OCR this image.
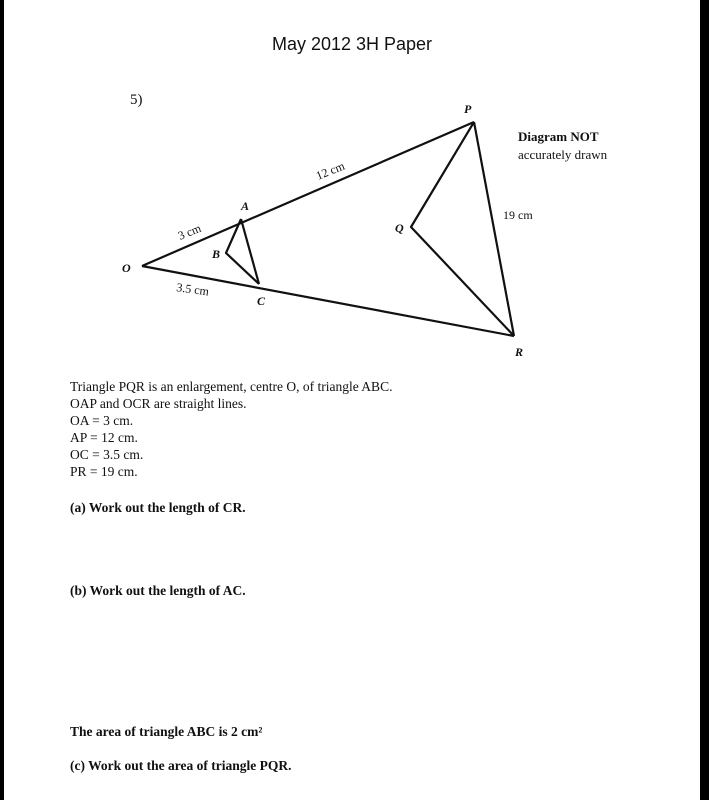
May 2012 3H Paper
5)
O
A
B
C
P
Q
R
3 cm
12 cm
3.5 cm
19 cm
Diagram NOT
accurately drawn
Triangle PQR is an enlargement, centre O, of triangle ABC.
OAP and OCR are straight lines.
OA = 3 cm.
AP = 12 cm.
OC = 3.5 cm.
PR = 19 cm.
(a) Work out the length of CR.
(b) Work out the length of AC.
The area of triangle ABC is 2 cm²
(c) Work out the area of triangle PQR.
